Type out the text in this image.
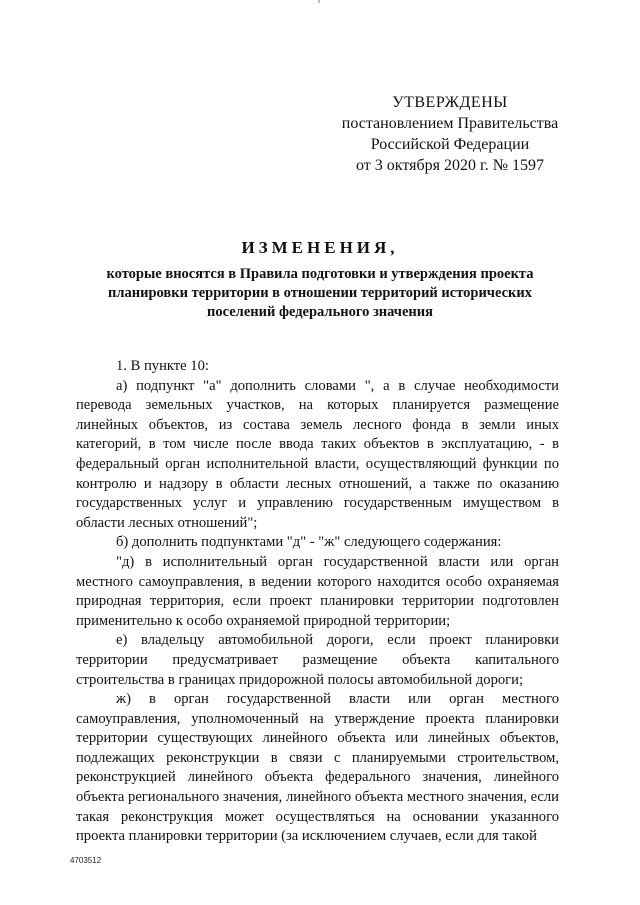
УТВЕРЖДЕНЫ
постановлением Правительства
Российской Федерации
от 3 октября 2020 г. № 1597
ИЗМЕНЕНИЯ,
которые вносятся в Правила подготовки и утверждения проекта
планировки территории в отношении территорий исторических
поселений федерального значения

1. В пункте 10:

а) подпункт "а" дополнить словами ", а в случае необходимости перевода земельных участков, на которых планируется размещение линейных объектов, из состава земель лесного фонда в земли иных категорий, в том числе после ввода таких объектов в эксплуатацию, - в федеральный орган исполнительной власти, осуществляющий функции по контролю и надзору в области лесных отношений, а также по оказанию государственных услуг и управлению государственным имуществом в области лесных отношений";

б) дополнить подпунктами "д" - "ж" следующего содержания:

"д) в исполнительный орган государственной власти или орган местного самоуправления, в ведении которого находится особо охраняемая природная территория, если проект планировки территории подготовлен применительно к особо охраняемой природной территории;

е) владельцу автомобильной дороги, если проект планировки территории предусматривает размещение объекта капитального строительства в границах придорожной полосы автомобильной дороги;

ж) в орган государственной власти или орган местного самоуправления, уполномоченный на утверждение проекта планировки территории существующих линейного объекта или линейных объектов, подлежащих реконструкции в связи с планируемыми строительством, реконструкцией линейного объекта федерального значения, линейного объекта регионального значения, линейного объекта местного значения, если такая реконструкция может осуществляться на основании указанного проекта планировки территории (за исключением случаев, если для такой

4703512
